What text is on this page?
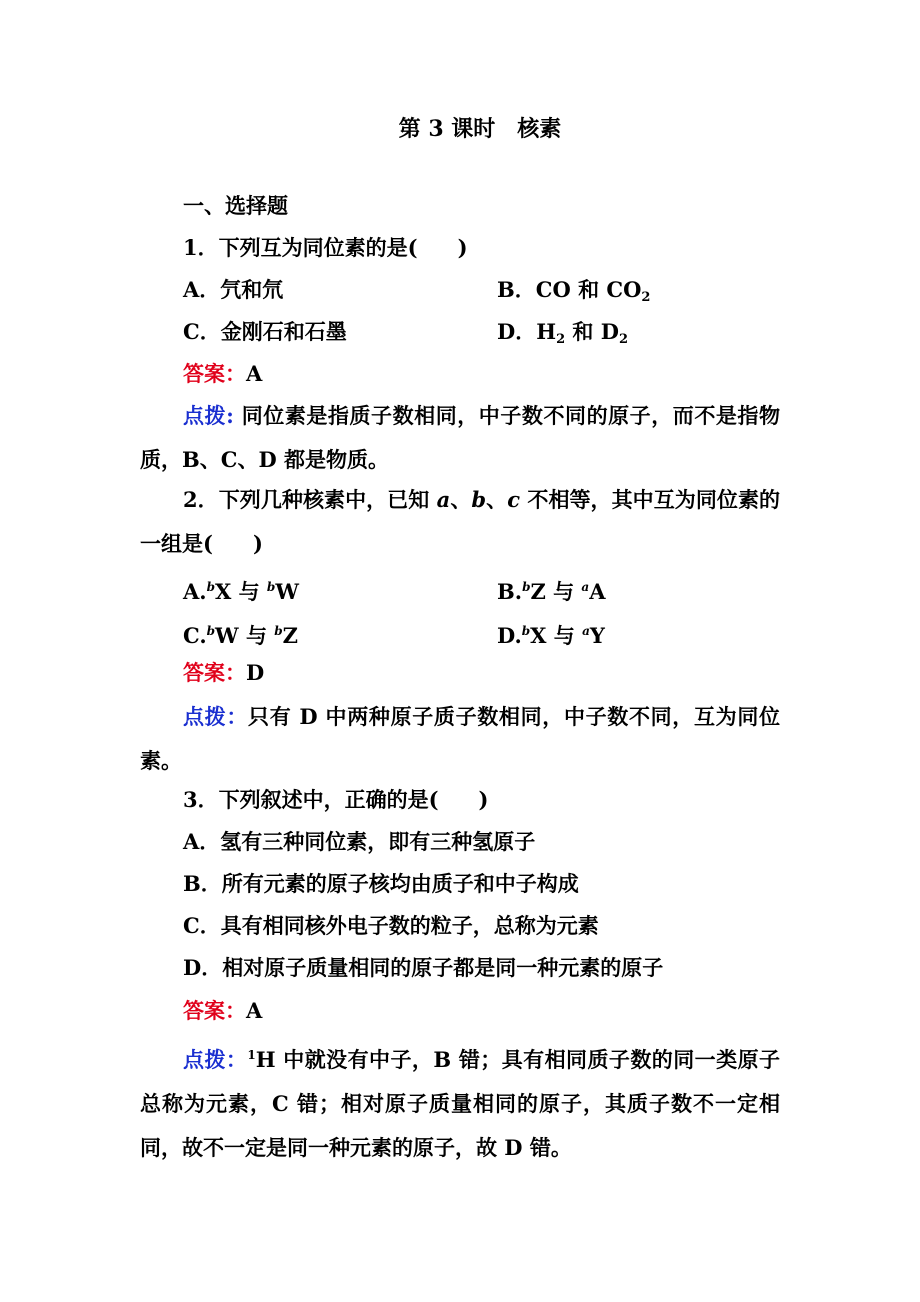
第 3 课时　核素
一、选择题
1．下列互为同位素的是( )
A．氕和氘	B．CO 和 $CO_2$
C．金刚石和石墨	D．$H_2$ 和 $D_2$
答案：A
点拨: 同位素是指质子数相同，中子数不同的原子，而不是指物质，B、C、D 都是物质。
2．下列几种核素中，已知 a、b、c 不相等，其中互为同位素的一组是( )
A.$^b$X 与 $^b$W	B.$^b$Z 与 $^a$A
C.$^b$W 与 $^b$Z	D.$^b$X 与 $^a$Y
答案：D
点拨：只有 D 中两种原子质子数相同，中子数不同，互为同位素。
3．下列叙述中，正确的是( )
A．氢有三种同位素，即有三种氢原子
B．所有元素的原子核均由质子和中子构成
C．具有相同核外电子数的粒子，总称为元素
D．相对原子质量相同的原子都是同一种元素的原子
答案：A
点拨：$^1$H 中就没有中子，B 错；具有相同质子数的同一类原子总称为元素，C 错；相对原子质量相同的原子，其质子数不一定相同，故不一定是同一种元素的原子，故 D 错。
